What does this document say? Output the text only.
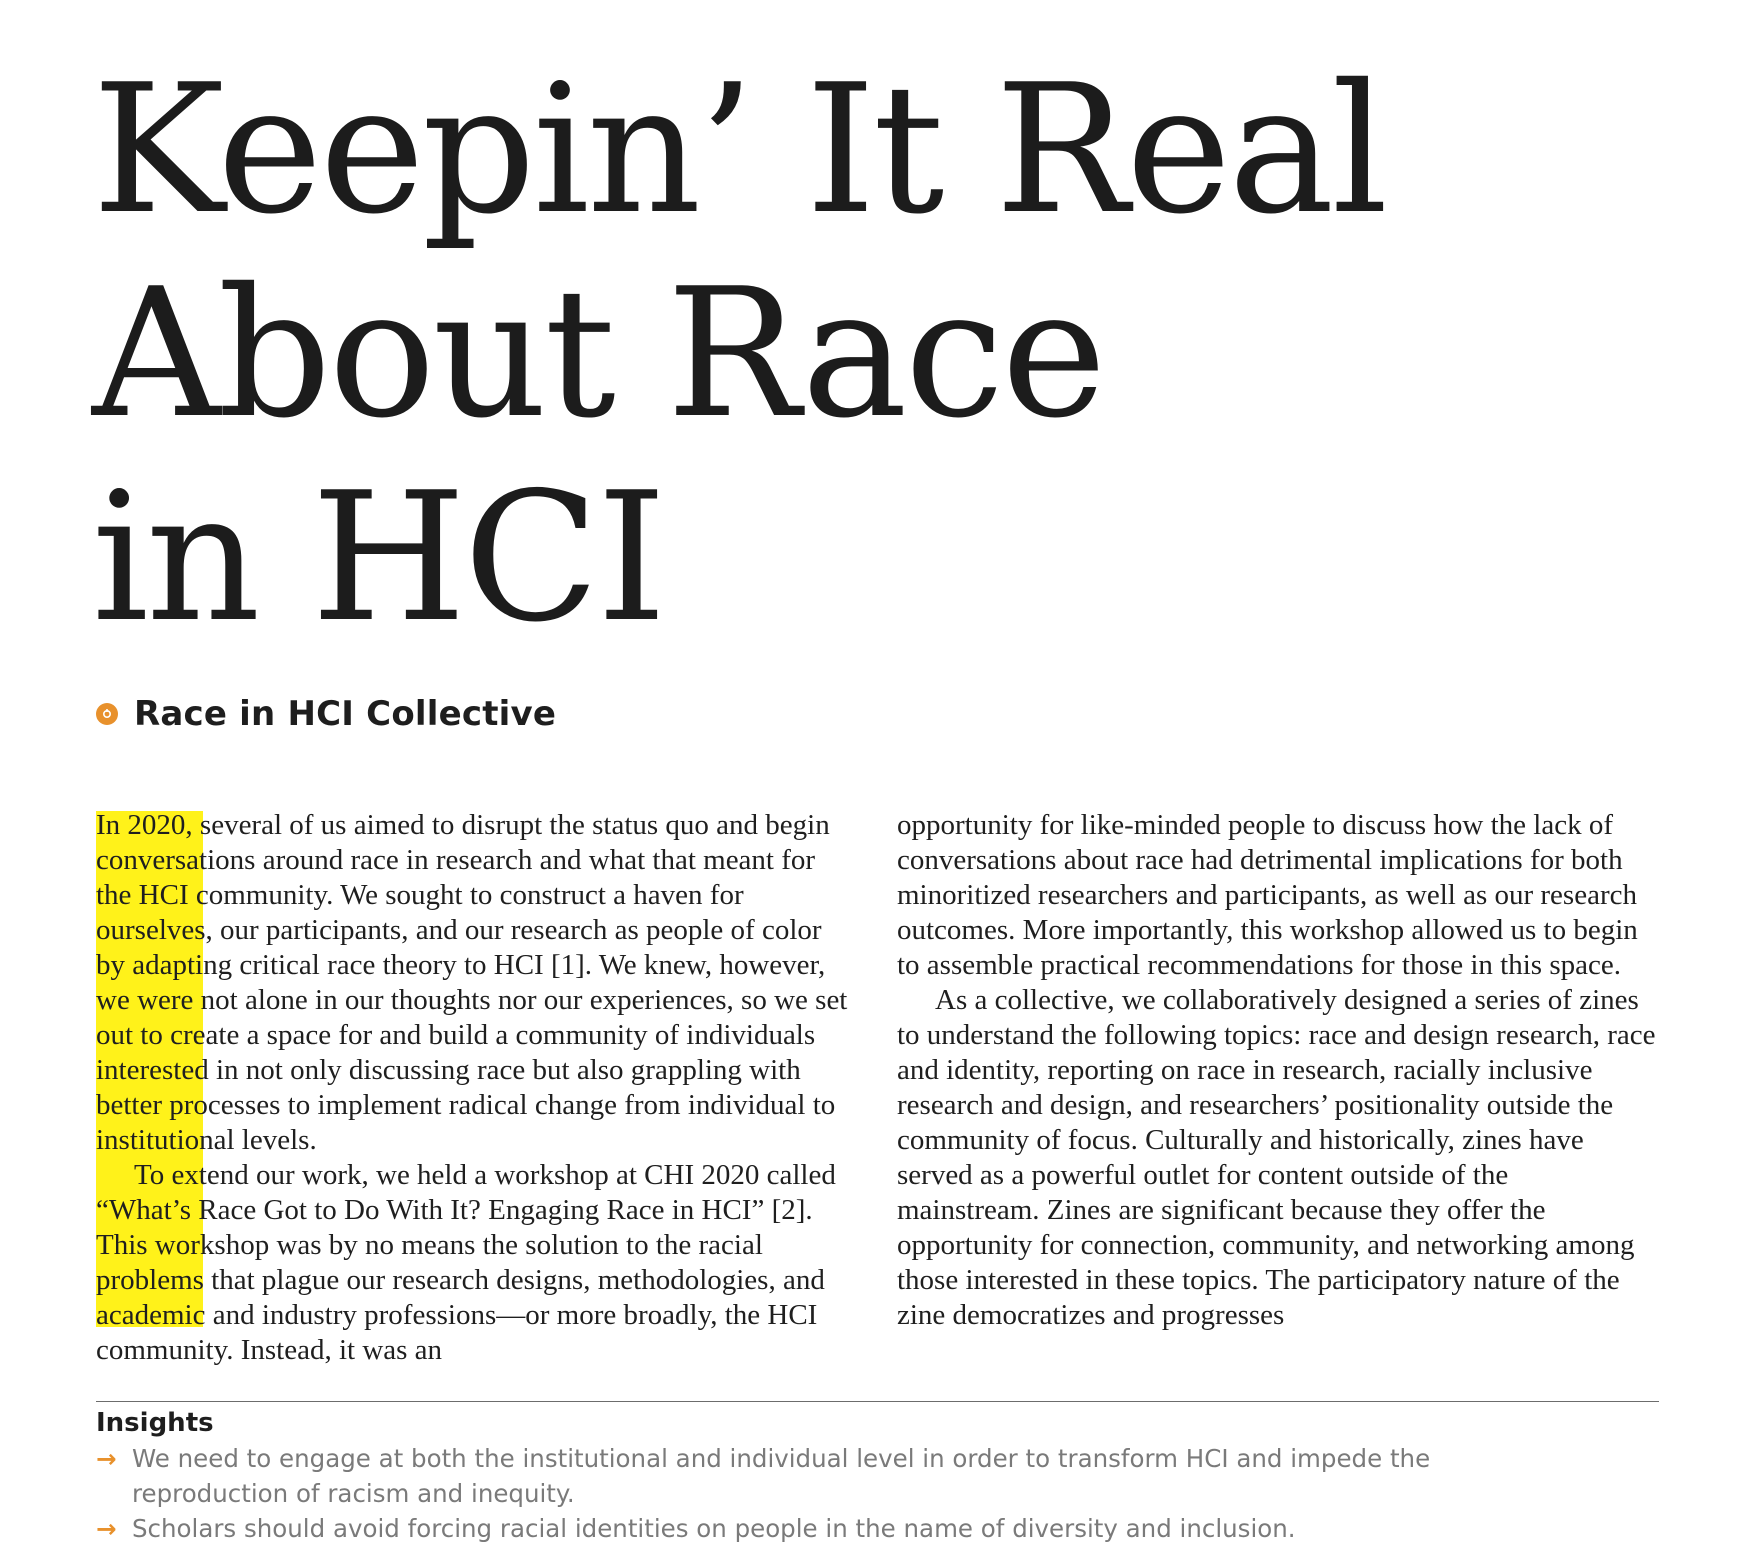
Keepin’ It Real
About Race
in HCI
Race in HCI Collective

In 2020, several of us aimed to disrupt the status quo and begin conversations around race in research and what that meant for the HCI community. We sought to construct a haven for ourselves, our participants, and our research as people of color by adapting critical race theory to HCI [1]. We knew, however, we were not alone in our thoughts nor our experiences, so we set out to create a space for and build a community of individuals interested in not only discussing race but also grappling with better processes to implement radical change from individual to institutional levels.

To extend our work, we held a workshop at CHI 2020 called “What’s Race Got to Do With It? Engaging Race in HCI” [2]. This workshop was by no means the solution to the racial problems that plague our research designs, methodologies, and academic and industry professions—or more broadly, the HCI community. Instead, it was an

opportunity for like-minded people to discuss how the lack of conversations about race had detrimental implications for both minoritized researchers and participants, as well as our research outcomes. More importantly, this workshop allowed us to begin to assemble practical recommendations for those in this space.

As a collective, we collaboratively designed a series of zines to understand the following topics: race and design research, race and identity, reporting on race in research, racially inclusive research and design, and researchers’ positionality outside the community of focus. Culturally and historically, zines have served as a powerful outlet for content outside of the mainstream. Zines are significant because they offer the opportunity for connection, community, and networking among those interested in these topics. The participatory nature of the zine democratizes and progresses

Insights
→ We need to engage at both the institutional and individual level in order to transform HCI and impede the reproduction of racism and inequity.
→ Scholars should avoid forcing racial identities on people in the name of diversity and inclusion.
